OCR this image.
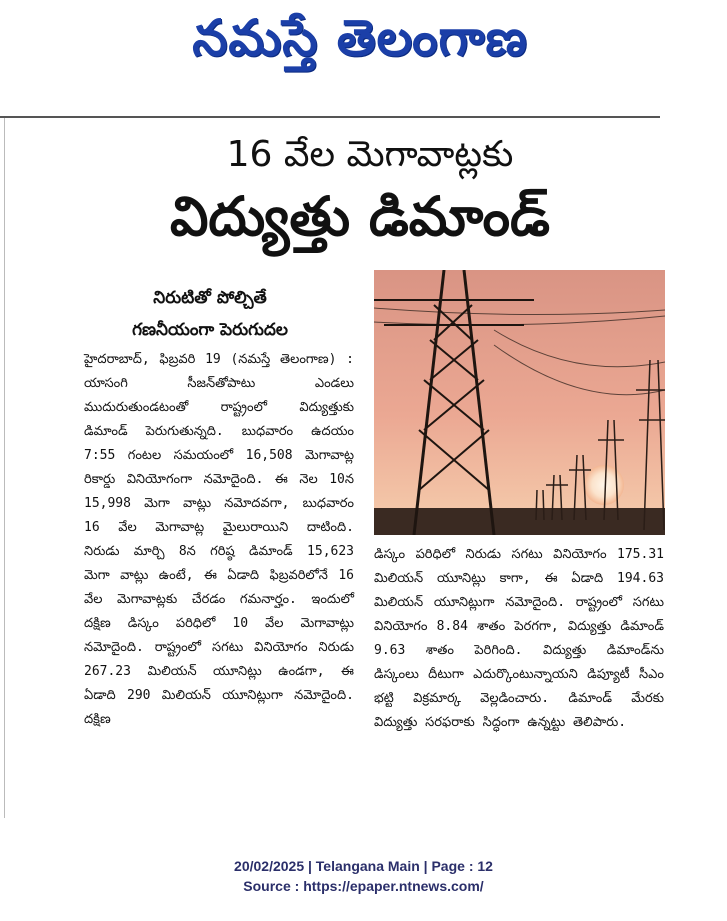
నమస్తే తెలంగాణ
16 వేల మెగావాట్లకు
విద్యుత్తు డిమాండ్
నిరుటితో పోల్చితే
గణనీయంగా పెరుగుదల

హైదరాబాద్, ఫిబ్రవరి 19 (నమస్తే తెలంగాణ) : యాసంగి సీజన్‌తోపాటు ఎండలు ముదురుతుండటంతో రాష్ట్రంలో విద్యుత్తుకు డిమాండ్ పెరుగుతున్నది. బుధవారం ఉదయం 7:55 గంటల సమయంలో 16,508 మెగావాట్ల రికార్డు వినియోగంగా నమోదైంది. ఈ నెల 10న 15,998 మెగా వాట్లు నమోదవగా, బుధవారం 16 వేల మెగావాట్ల మైలురాయిని దాటింది. నిరుడు మార్చి 8న గరిష్ఠ డిమాండ్ 15,623 మెగా వాట్లు ఉంటే, ఈ ఏడాది ఫిబ్రవరిలోనే 16 వేల మెగావాట్లకు చేరడం గమనార్హం. ఇందులో దక్షిణ డిస్కం పరిధిలో 10 వేల మెగావాట్లు నమోదైంది. రాష్ట్రంలో సగటు వినియోగం నిరుడు 267.23 మిలియన్ యూనిట్లు ఉండగా, ఈ ఏడాది 290 మిలియన్ యూనిట్లుగా నమోదైంది. దక్షిణ

డిస్కం పరిధిలో నిరుడు సగటు వినియోగం 175.31 మిలియన్ యూనిట్లు కాగా, ఈ ఏడాది 194.63 మిలియన్ యూనిట్లుగా నమోదైంది. రాష్ట్రంలో సగటు వినియోగం 8.84 శాతం పెరగగా, విద్యుత్తు డిమాండ్ 9.63 శాతం పెరిగింది. విద్యుత్తు డిమాండ్‌ను డిస్కంలు దీటుగా ఎదుర్కొంటున్నాయని డిప్యూటీ సీఎం భట్టి విక్రమార్క వెల్లడించారు. డిమాండ్ మేరకు విద్యుత్తు సరఫరాకు సిద్ధంగా ఉన్నట్టు తెలిపారు.

20/02/2025 | Telangana Main | Page : 12
Source : https://epaper.ntnews.com/
